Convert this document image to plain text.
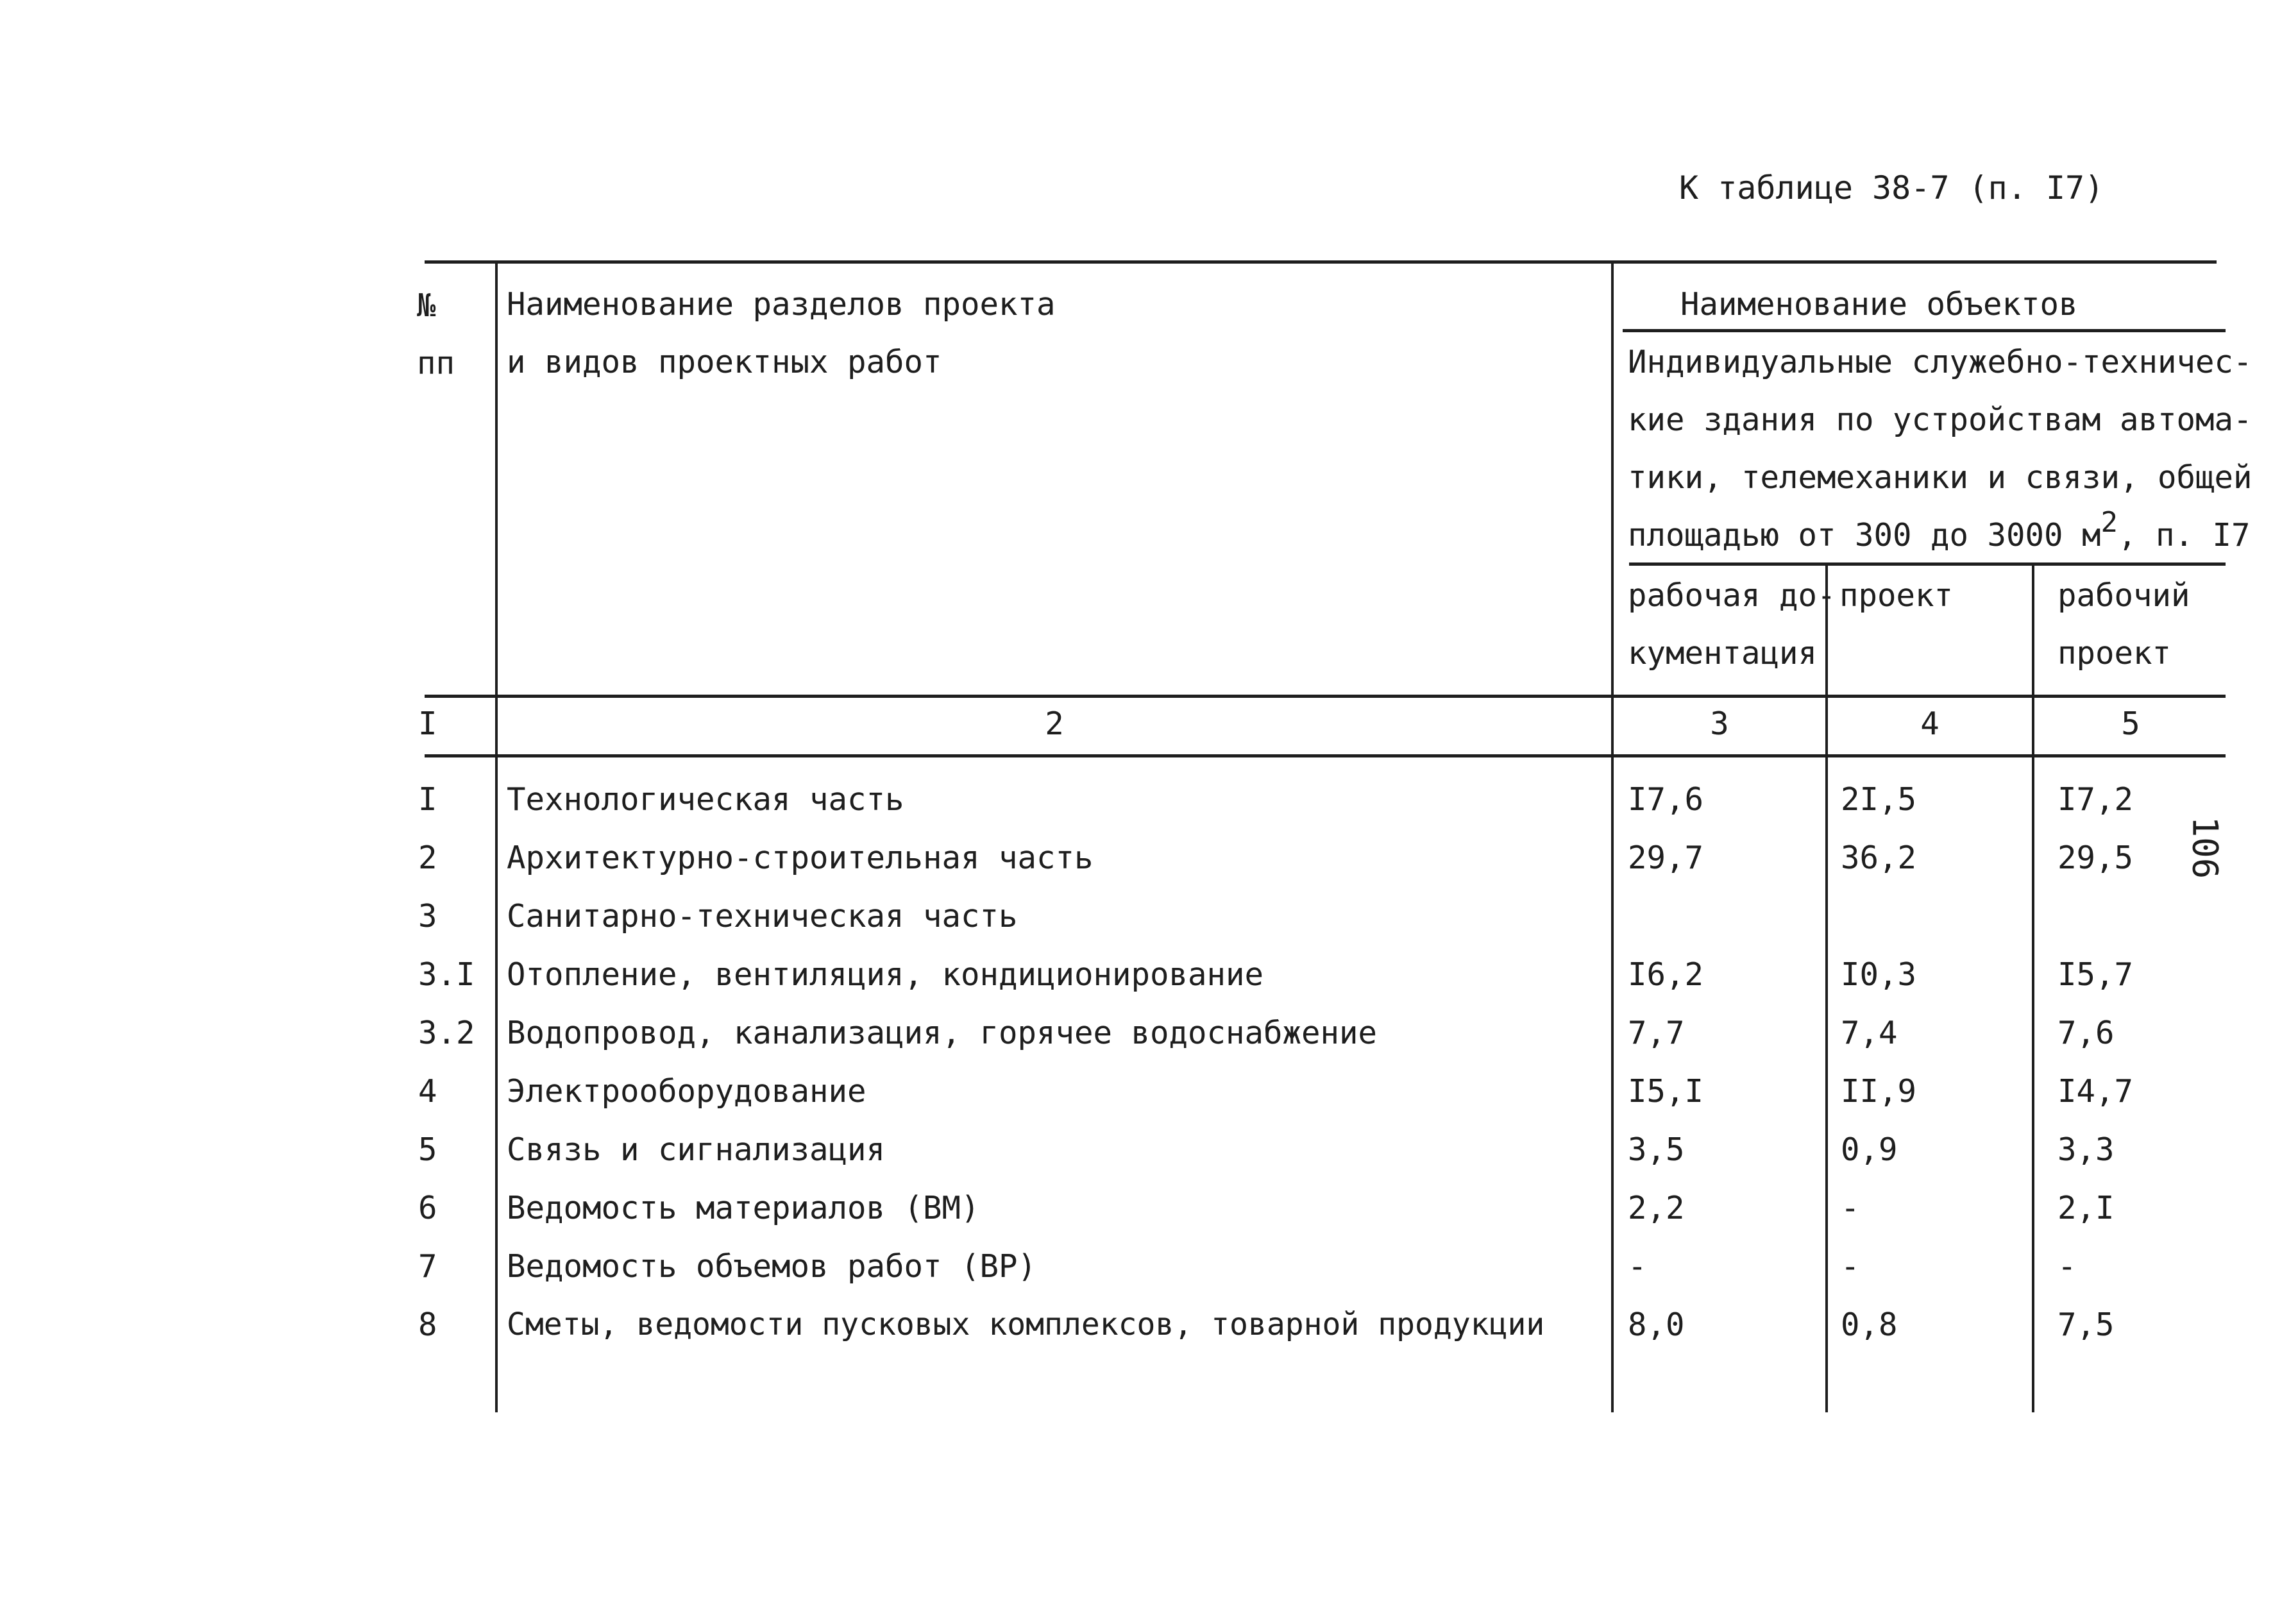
К таблице 38-7 (п. I7)
№
пп
Наименование разделов проекта
и видов проектных работ
Наименование объектов
Индивидуальные служебно-техничес-
кие здания по устройствам автома-
тики, телемеханики и связи, общей
площадью от 300 до 3000 $м^2$, п. I7
рабочая до-
кументация
проект	рабочий
проект
I	2	3	4	5
I Технологическая часть	I7,6	2I,5	I7,2
2 Архитектурно-строительная часть	29,7	36,2	29,5
3 Санитарно-техническая часть
3.I Отопление, вентиляция, кондиционирование	I6,2	I0,3	I5,7
3.2 Водопровод, канализация, горячее водоснабжение	7,7	7,4	7,6
4 Электрооборудование	I5,I	II,9	I4,7
5 Связь и сигнализация	3,5	0,9	3,3
6 Ведомость материалов (ВМ)	2,2	-	2,I
7 Ведомость объемов работ (ВР)	-	-	-
8 Сметы, ведомости пусковых комплексов, товарной продукции	8,0	0,8	7,5
106
